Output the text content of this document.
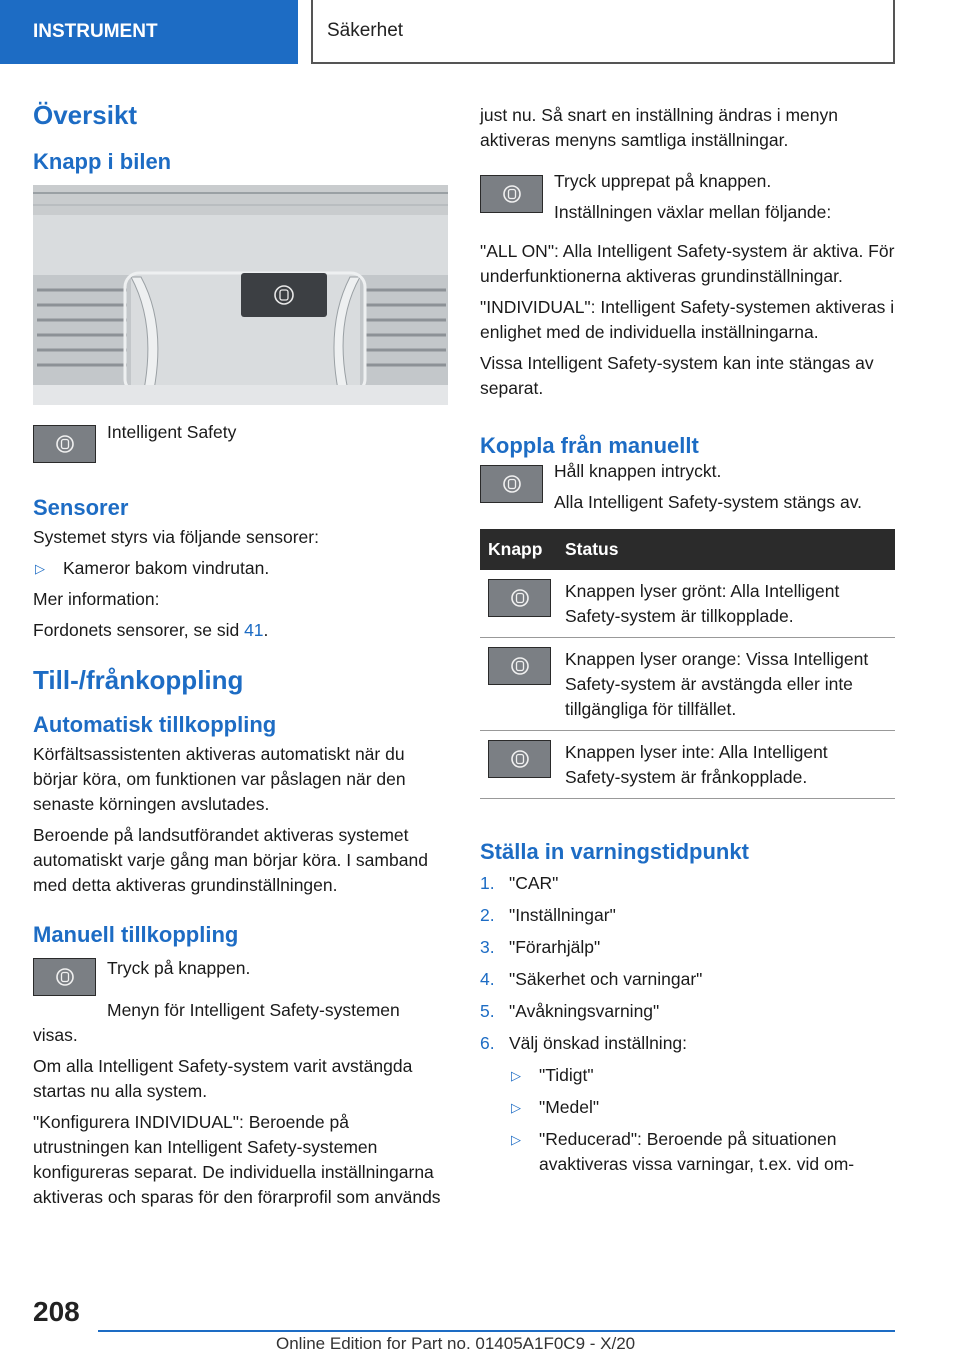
INSTRUMENT	Säkerhet
Översikt
Knapp i bilen
Intelligent Safety
Sensorer
Systemet styrs via följande sensorer:
▷	Kameror bakom vindrutan.
Mer information:
Fordonets sensorer, se sid 41.
Till-/frånkoppling
Automatisk tillkoppling
Körfältsassistenten aktiveras automatiskt när du börjar köra, om funktionen var påslagen när den senaste körningen avslutades.
Beroende på landsutförandet aktiveras systemet automatiskt varje gång man börjar köra. I samband med detta aktiveras grundinställningen.
Manuell tillkoppling
Tryck på knappen.
Menyn för Intelligent Safety-systemen visas.
Om alla Intelligent Safety-system varit avstängda startas nu alla system.
"Konfigurera INDIVIDUAL": Beroende på utrustningen kan Intelligent Safety-systemen konfigureras separat. De individuella inställningarna aktiveras och sparas för den förarprofil som används
just nu. Så snart en inställning ändras i menyn aktiveras menyns samtliga inställningar.
Tryck upprepat på knappen.
Inställningen växlar mellan följande:
"ALL ON": Alla Intelligent Safety-system är aktiva. För underfunktionerna aktiveras grundinställningar.
"INDIVIDUAL": Intelligent Safety-systemen aktiveras i enlighet med de individuella inställningarna.
Vissa Intelligent Safety-system kan inte stängas av separat.
Koppla från manuellt
Håll knappen intryckt.
Alla Intelligent Safety-system stängs av.
Knapp	Status

	Knappen lyser grönt: Alla Intelligent Safety-system är tillkopplade.

	Knappen lyser orange: Vissa Intelligent Safety-system är avstängda eller inte tillgängliga för tillfället.

	Knappen lyser inte: Alla Intelligent Safety-system är frånkopplade.
Ställa in varningstidpunkt
1. "CAR"
2. "Inställningar"
3. "Förarhjälp"
4. "Säkerhet och varningar"
5. "Avåkningsvarning"
6. Välj önskad inställning:
▷	"Tidigt"
▷	"Medel"
▷	"Reducerad": Beroende på situationen avaktiveras vissa varningar, t.ex. vid om-
208
Online Edition for Part no. 01405A1F0C9 - X/20
